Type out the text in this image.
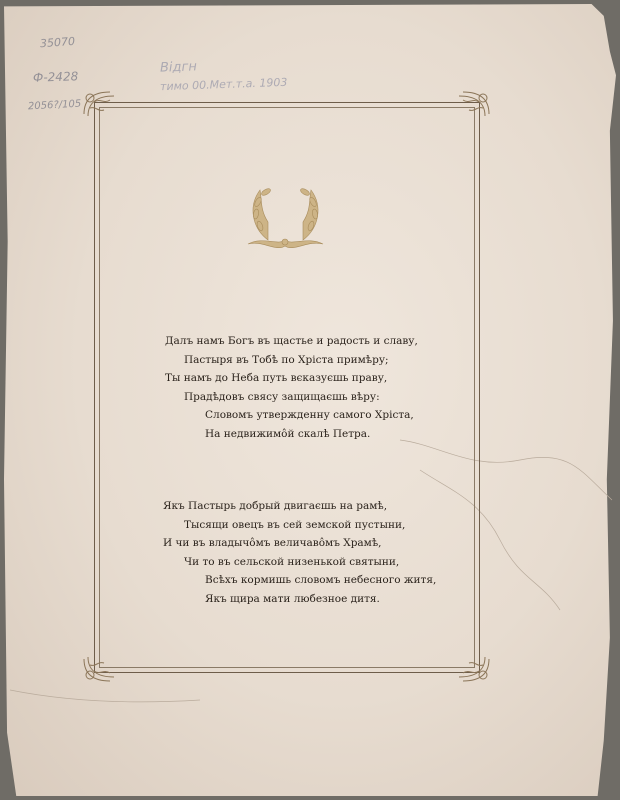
35070
Ф-2428
2056?/105
Відгн
тимо 00.Мет.т.а. 1903
Далъ намъ Богъ въ щастье и радость и славу,
Пастыря въ Тобѣ по Хріста примѣру;
Ты намъ до Неба путь вєказуєшь праву,
Прадѣдовъ свяcу защищаєшь вѣру:
Словомъ утвержденну самого Хріста,
На недвижимôй скалѣ Петра.
Якъ Пастырь добрый двигаєшь на рамѣ,
Тысящи овецъ въ сей земской пустыни,
И чи въ владычôмъ величавôмъ Храмѣ,
Чи то въ сельской низенькой святыни,
Всѣхъ кормишь словомъ небесного житя,
Якъ щира мати любезное дитя.
